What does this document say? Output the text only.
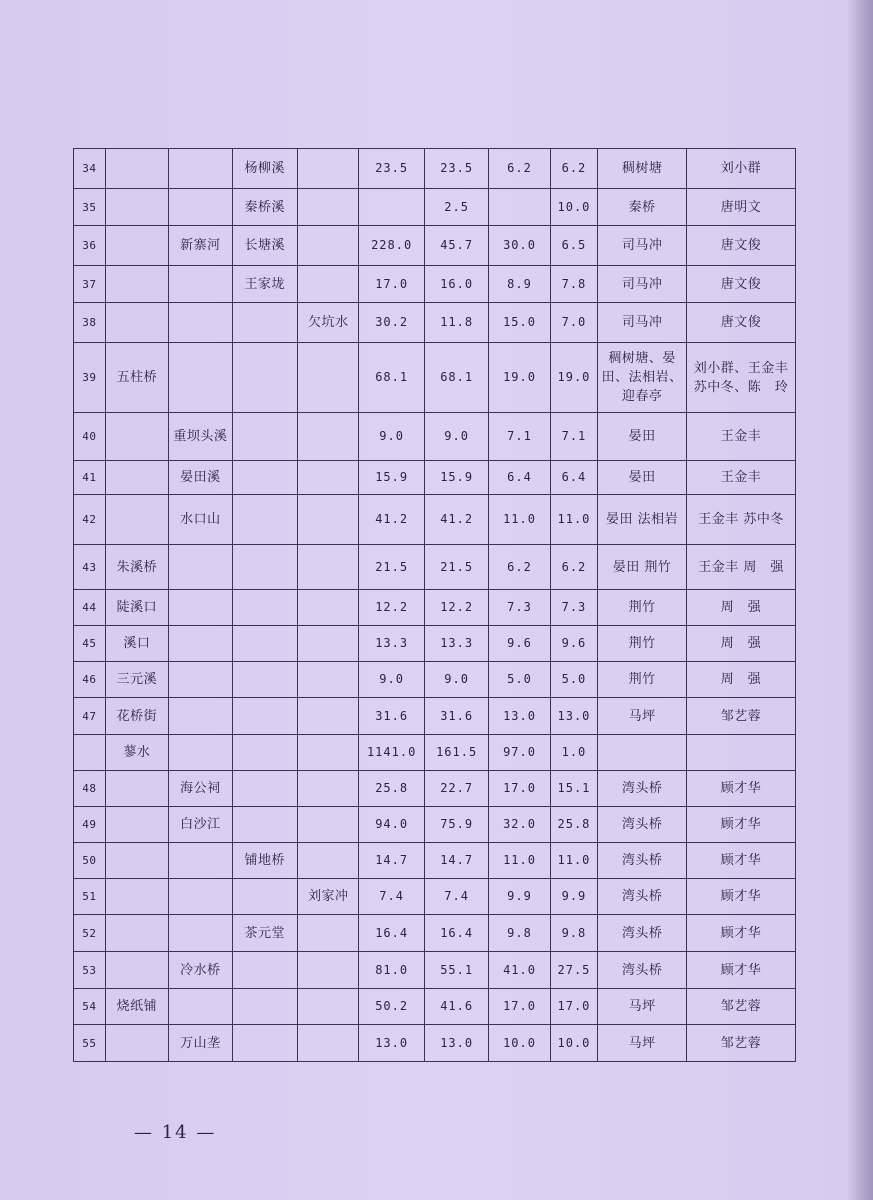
34			杨柳溪		23.5	23.5	6.2	6.2	稠树塘	刘小群
35			秦桥溪			2.5		10.0	秦桥	唐明文
36		新寨河	长塘溪		228.0	45.7	30.0	6.5	司马冲	唐文俊
37			王家垅		17.0	16.0	8.9	7.8	司马冲	唐文俊
38				欠坑水	30.2	11.8	15.0	7.0	司马冲	唐文俊
39	五柱桥				68.1	68.1	19.0	19.0	稠树塘、晏田、法相岩、迎春亭	刘小群、王金丰苏中冬、陈　玲
40		重坝头溪			9.0	9.0	7.1	7.1	晏田	王金丰
41		晏田溪			15.9	15.9	6.4	6.4	晏田	王金丰
42		水口山			41.2	41.2	11.0	11.0	晏田 法相岩	王金丰 苏中冬
43	朱溪桥				21.5	21.5	6.2	6.2	晏田 荆竹	王金丰 周　强
44	陡溪口				12.2	12.2	7.3	7.3	荆竹	周　强
45	溪口				13.3	13.3	9.6	9.6	荆竹	周　强
46	三元溪				9.0	9.0	5.0	5.0	荆竹	周　强
47	花桥街				31.6	31.6	13.0	13.0	马坪	邹艺蓉
	蓼水				1141.0	161.5	97.0	1.0		
48		海公祠			25.8	22.7	17.0	15.1	湾头桥	顾才华
49		白沙江			94.0	75.9	32.0	25.8	湾头桥	顾才华
50			铺地桥		14.7	14.7	11.0	11.0	湾头桥	顾才华
51				刘家冲	7.4	7.4	9.9	9.9	湾头桥	顾才华
52			茶元堂		16.4	16.4	9.8	9.8	湾头桥	顾才华
53		冷水桥			81.0	55.1	41.0	27.5	湾头桥	顾才华
54	烧纸铺				50.2	41.6	17.0	17.0	马坪	邹艺蓉
55		万山垄			13.0	13.0	10.0	10.0	马坪	邹艺蓉
— 14 —
